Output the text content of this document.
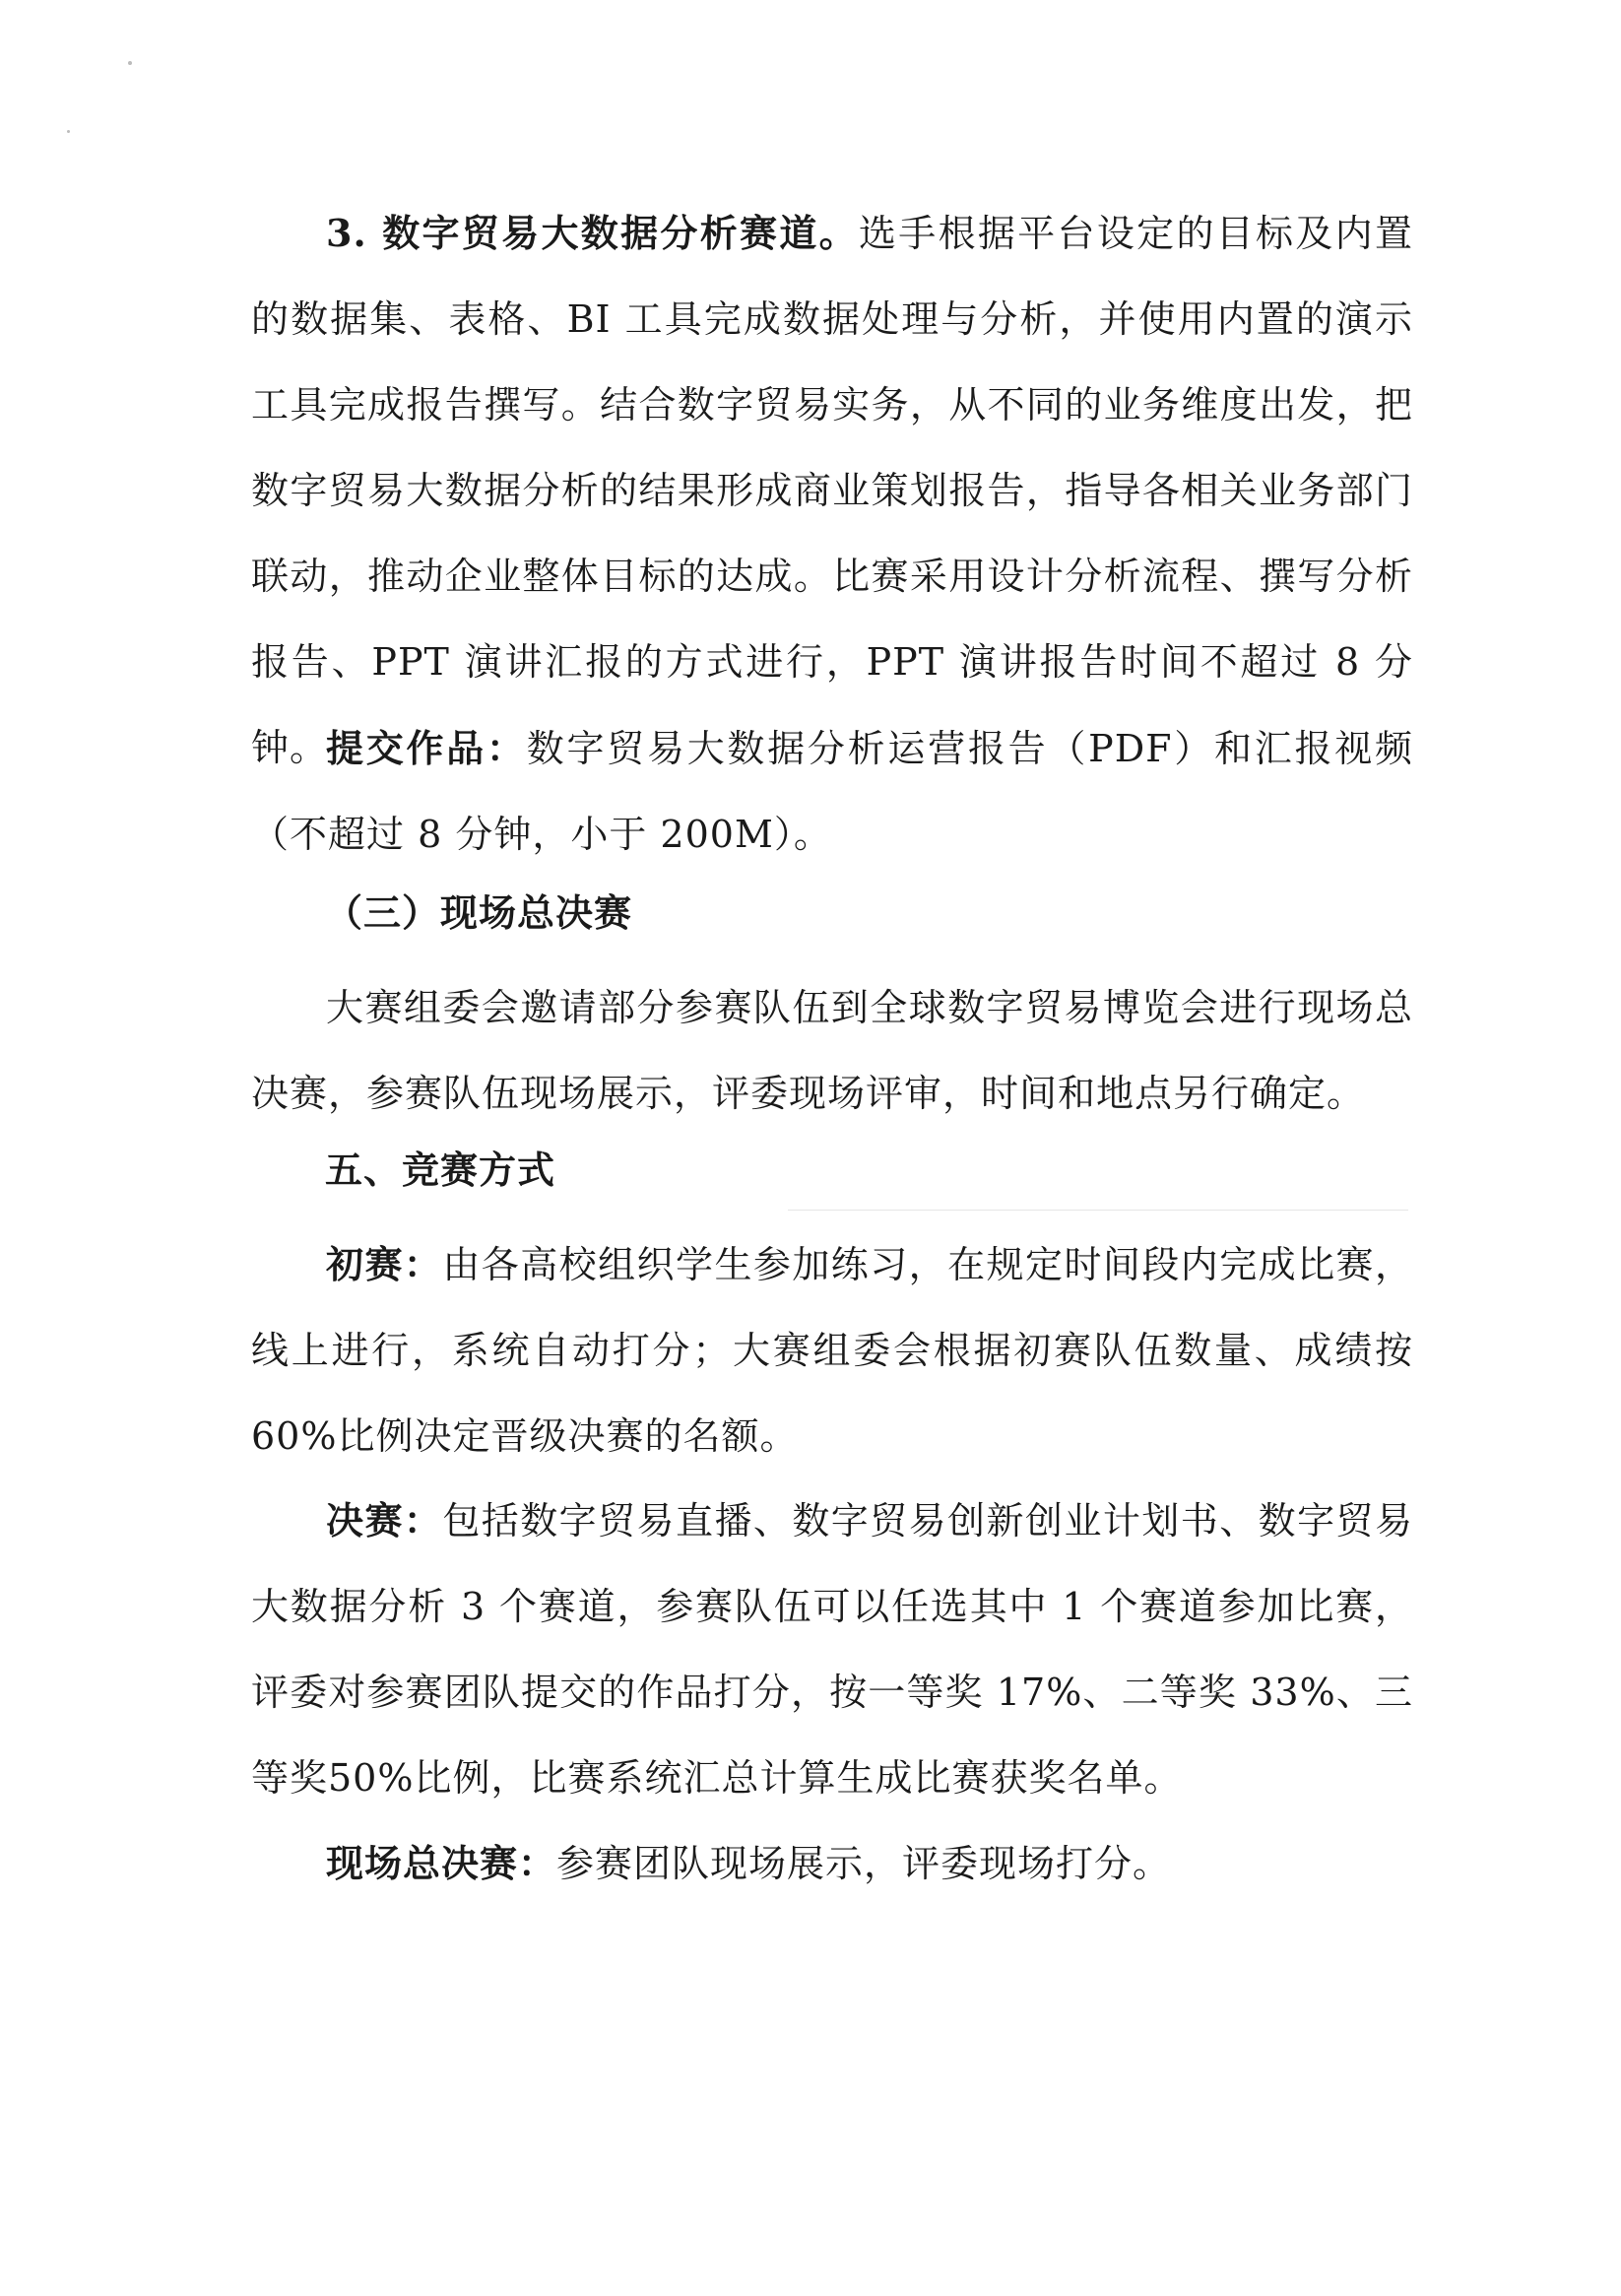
3. 数字贸易大数据分析赛道。选手根据平台设定的目标及内置的数据集、表格、BI 工具完成数据处理与分析，并使用内置的演示工具完成报告撰写。结合数字贸易实务，从不同的业务维度出发，把数字贸易大数据分析的结果形成商业策划报告，指导各相关业务部门联动，推动企业整体目标的达成。比赛采用设计分析流程、撰写分析报告、PPT 演讲汇报的方式进行，PPT 演讲报告时间不超过 8 分钟。

提交作品：数字贸易大数据分析运营报告（PDF）和汇报视频（不超过 8 分钟，小于 200M）。

（三）现场总决赛

大赛组委会邀请部分参赛队伍到全球数字贸易博览会进行现场总决赛，参赛队伍现场展示，评委现场评审，时间和地点另行确定。

五、竞赛方式

初赛：由各高校组织学生参加练习，在规定时间段内完成比赛，线上进行，系统自动打分；大赛组委会根据初赛队伍数量、成绩按60%比例决定晋级决赛的名额。

决赛：包括数字贸易直播、数字贸易创新创业计划书、数字贸易大数据分析 3 个赛道，参赛队伍可以任选其中 1 个赛道参加比赛，评委对参赛团队提交的作品打分，按一等奖 17%、二等奖 33%、三等奖50%比例，比赛系统汇总计算生成比赛获奖名单。

现场总决赛：参赛团队现场展示，评委现场打分。
